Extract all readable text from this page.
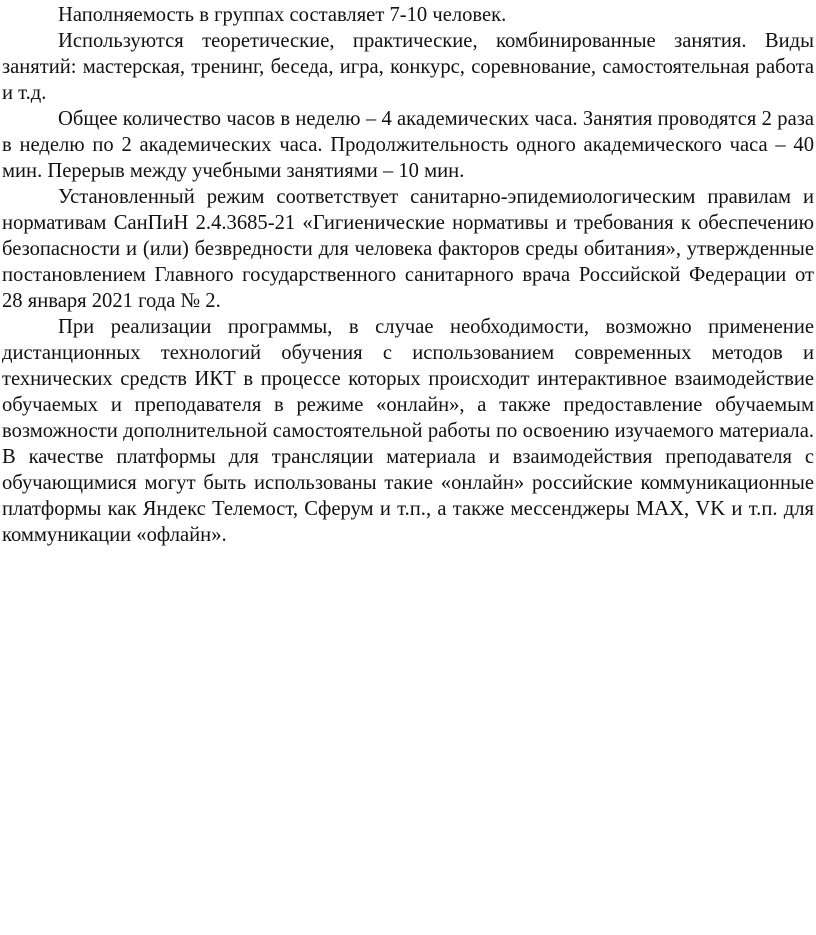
Наполняемость в группах составляет 7-10 человек.

Используются теоретические, практические, комбинированные занятия. Виды занятий: мастерская, тренинг, беседа, игра, конкурс, соревнование, самостоятельная работа и т.д.

Общее количество часов в неделю – 4 академических часа. Занятия проводятся 2 раза в неделю по 2 академических часа. Продолжительность одного академического часа – 40 мин. Перерыв между учебными занятиями – 10 мин.

Установленный режим соответствует санитарно-эпидемиологическим правилам и нормативам СанПиН 2.4.3685-21 «Гигиенические нормативы и требования к обеспечению безопасности и (или) безвредности для человека факторов среды обитания», утвержденные постановлением Главного государственного санитарного врача Российской Федерации от 28 января 2021 года № 2.

При реализации программы, в случае необходимости, возможно применение дистанционных технологий обучения с использованием современных методов и технических средств ИКТ в процессе которых происходит интерактивное взаимодействие обучаемых и преподавателя в режиме «онлайн», а также предоставление обучаемым возможности дополнительной самостоятельной работы по освоению изучаемого материала. В качестве платформы для трансляции материала и взаимодействия преподавателя с обучающимися могут быть использованы такие «онлайн» российские коммуникационные платформы как Яндекс Телемост, Сферум и т.п., а также мессенджеры МАХ, VK и т.п. для коммуникации «офлайн».
